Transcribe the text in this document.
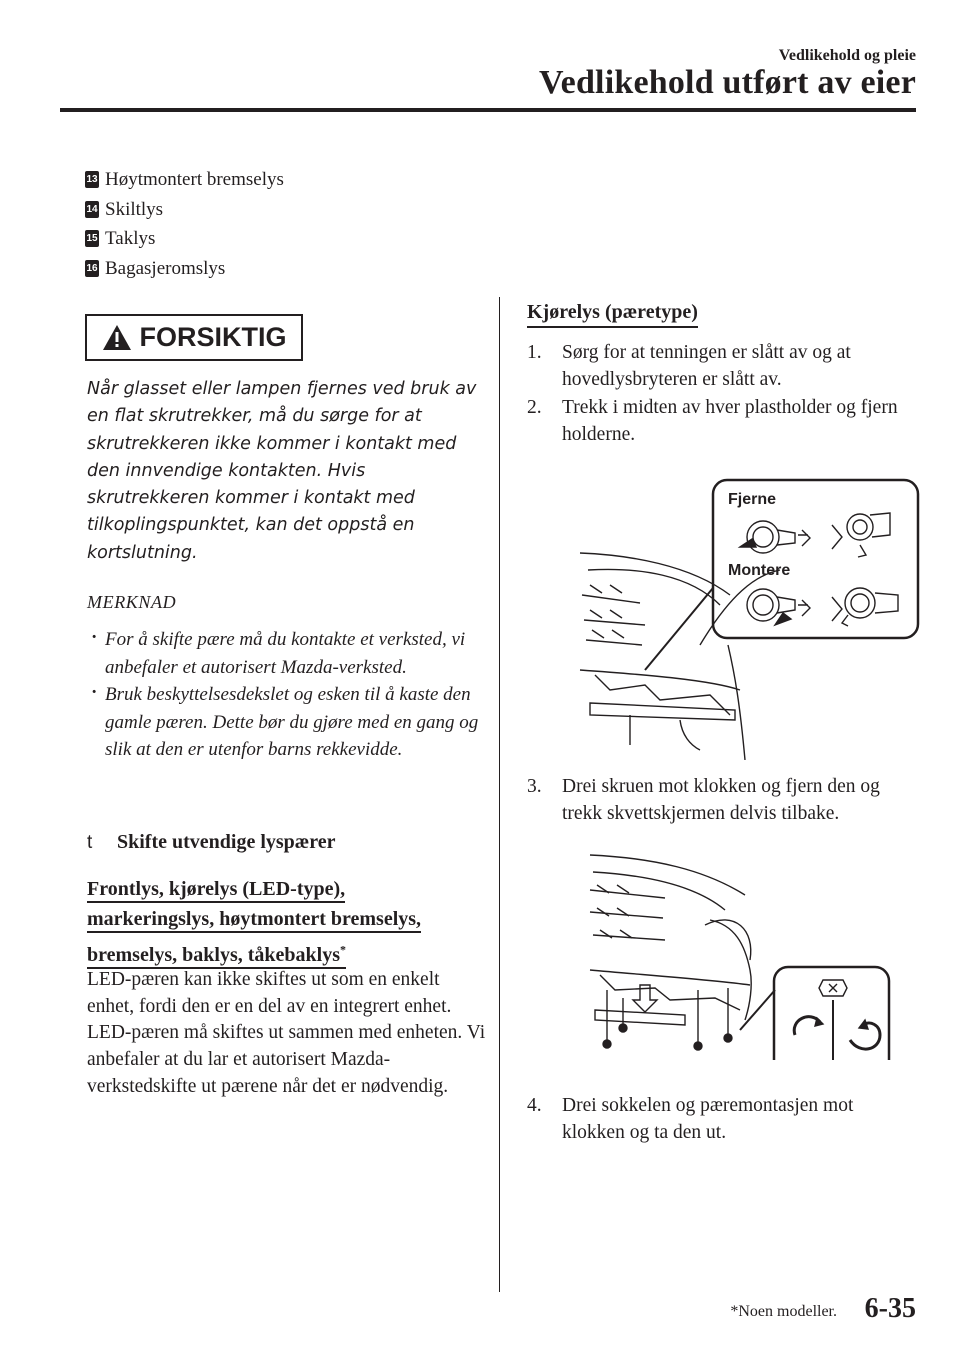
Vedlikehold og pleie
Vedlikehold utført av eier
13 Høytmontert bremselys
14 Skiltlys
15 Taklys
16 Bagasjeromslys
FORSIKTIG
Når glasset eller lampen fjernes ved bruk av en flat skrutrekker, må du sørge for at skrutrekkeren ikke kommer i kontakt med den innvendige kontakten. Hvis skrutrekkeren kommer i kontakt med tilkoplingspunktet, kan det oppstå en kortslutning.
MERKNAD

· For å skifte pære må du kontakte et verksted, vi anbefaler et autorisert Mazda-verksted.

· Bruk beskyttelsesdekslet og esken til å kaste den gamle pæren. Dette bør du gjøre med en gang og slik at den er utenfor barns rekkevidde.

t	Skifte utvendige lyspærer
Frontlys, kjørelys (LED-type),
markeringslys, høytmontert bremselys,
bremselys, baklys, tåkebaklys*
LED-pæren kan ikke skiftes ut som en enkelt enhet, fordi den er en del av en integrert enhet.
LED-pæren må skiftes ut sammen med enheten. Vi anbefaler at du lar et autorisert Mazda-verkstedskifte ut pærene når det er nødvendig.
Kjørelys (pæretype)
1.	Sørg for at tenningen er slått av og at hovedlysbryteren er slått av.
2.	Trekk i midten av hver plastholder og fjern holderne.
Fjerne
Montere
3.	Drei skruen mot klokken og fjern den og trekk skvettskjermen delvis tilbake.
4.	Drei sokkelen og pæremontasjen mot klokken og ta den ut.
*Noen modeller. 6-35
